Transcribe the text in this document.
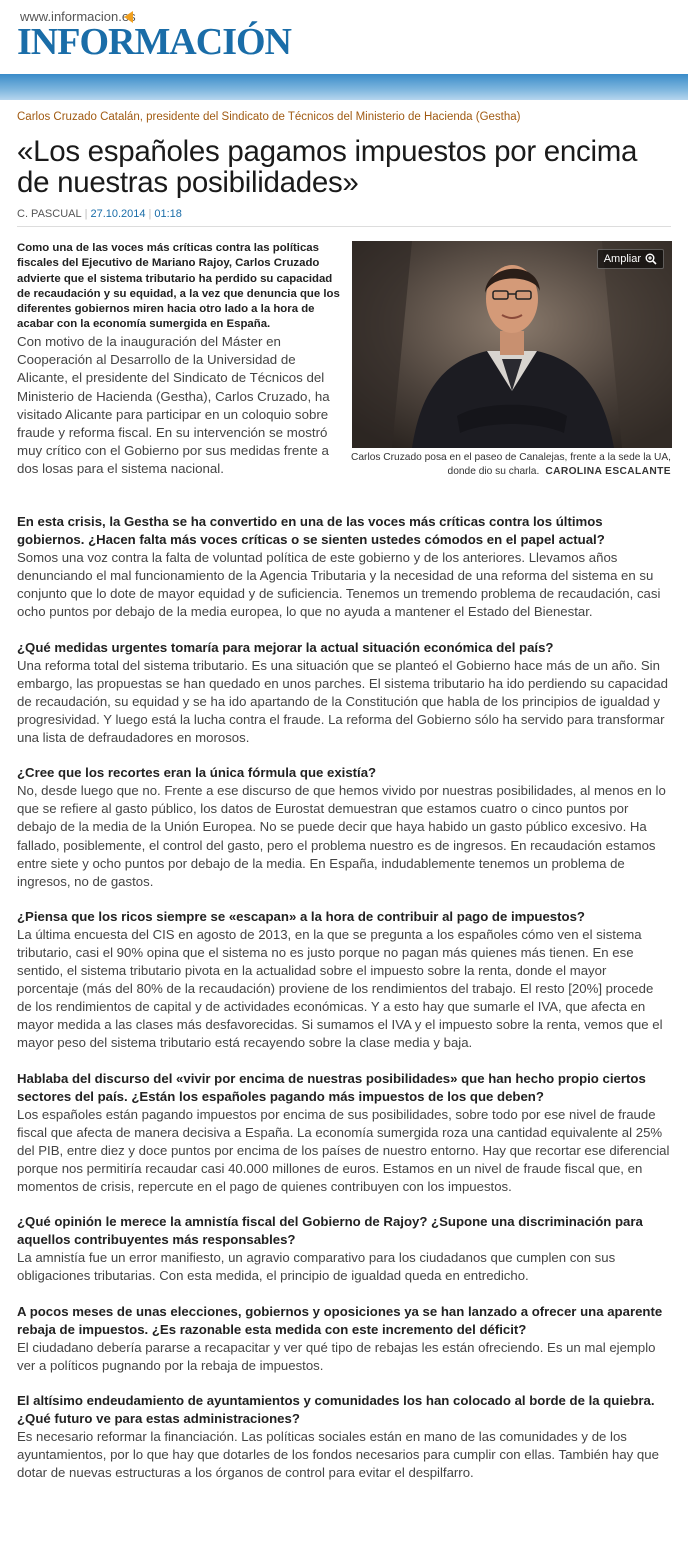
www.informacion.es
INFORMACIÓN
Carlos Cruzado Catalán, presidente del Sindicato de Técnicos del Ministerio de Hacienda (Gestha)
«Los españoles pagamos impuestos por encima de nuestras posibilidades»
C. PASCUAL | 27.10.2014 | 01:18

Como una de las voces más críticas contra las políticas fiscales del Ejecutivo de Mariano Rajoy, Carlos Cruzado advierte que el sistema tributario ha perdido su capacidad de recaudación y su equidad, a la vez que denuncia que los diferentes gobiernos miren hacia otro lado a la hora de acabar con la economía sumergida en España.

Con motivo de la inauguración del Máster en Cooperación al Desarrollo de la Universidad de Alicante, el presidente del Sindicato de Técnicos del Ministerio de Hacienda (Gestha), Carlos Cruzado, ha visitado Alicante para participar en un coloquio sobre fraude y reforma fiscal. En su intervención se mostró muy crítico con el Gobierno por sus medidas frente a dos losas para el sistema nacional.

Ampliar

Carlos Cruzado posa en el paseo de Canalejas, frente a la sede la UA, donde dio su charla. CAROLINA ESCALANTE

En esta crisis, la Gestha se ha convertido en una de las voces más críticas contra los últimos gobiernos. ¿Hacen falta más voces críticas o se sienten ustedes cómodos en el papel actual?

Somos una voz contra la falta de voluntad política de este gobierno y de los anteriores. Llevamos años denunciando el mal funcionamiento de la Agencia Tributaria y la necesidad de una reforma del sistema en su conjunto que lo dote de mayor equidad y de suficiencia. Tenemos un tremendo problema de recaudación, casi ocho puntos por debajo de la media europea, lo que no ayuda a mantener el Estado del Bienestar.

¿Qué medidas urgentes tomaría para mejorar la actual situación económica del país?

Una reforma total del sistema tributario. Es una situación que se planteó el Gobierno hace más de un año. Sin embargo, las propuestas se han quedado en unos parches. El sistema tributario ha ido perdiendo su capacidad de recaudación, su equidad y se ha ido apartando de la Constitución que habla de los principios de igualdad y progresividad. Y luego está la lucha contra el fraude. La reforma del Gobierno sólo ha servido para transformar una lista de defraudadores en morosos.

¿Cree que los recortes eran la única fórmula que existía?

No, desde luego que no. Frente a ese discurso de que hemos vivido por nuestras posibilidades, al menos en lo que se refiere al gasto público, los datos de Eurostat demuestran que estamos cuatro o cinco puntos por debajo de la media de la Unión Europea. No se puede decir que haya habido un gasto público excesivo. Ha fallado, posiblemente, el control del gasto, pero el problema nuestro es de ingresos. En recaudación estamos entre siete y ocho puntos por debajo de la media. En España, indudablemente tenemos un problema de ingresos, no de gastos.

¿Piensa que los ricos siempre se «escapan» a la hora de contribuir al pago de impuestos?

La última encuesta del CIS en agosto de 2013, en la que se pregunta a los españoles cómo ven el sistema tributario, casi el 90% opina que el sistema no es justo porque no pagan más quienes más tienen. En ese sentido, el sistema tributario pivota en la actualidad sobre el impuesto sobre la renta, donde el mayor porcentaje (más del 80% de la recaudación) proviene de los rendimientos del trabajo. El resto [20%] procede de los rendimientos de capital y de actividades económicas. Y a esto hay que sumarle el IVA, que afecta en mayor medida a las clases más desfavorecidas. Si sumamos el IVA y el impuesto sobre la renta, vemos que el mayor peso del sistema tributario está recayendo sobre la clase media y baja.

Hablaba del discurso del «vivir por encima de nuestras posibilidades» que han hecho propio ciertos sectores del país. ¿Están los españoles pagando más impuestos de los que deben?

Los españoles están pagando impuestos por encima de sus posibilidades, sobre todo por ese nivel de fraude fiscal que afecta de manera decisiva a España. La economía sumergida roza una cantidad equivalente al 25% del PIB, entre diez y doce puntos por encima de los países de nuestro entorno. Hay que recortar ese diferencial porque nos permitiría recaudar casi 40.000 millones de euros. Estamos en un nivel de fraude fiscal que, en momentos de crisis, repercute en el pago de quienes contribuyen con los impuestos.

¿Qué opinión le merece la amnistía fiscal del Gobierno de Rajoy? ¿Supone una discriminación para aquellos contribuyentes más responsables?

La amnistía fue un error manifiesto, un agravio comparativo para los ciudadanos que cumplen con sus obligaciones tributarias. Con esta medida, el principio de igualdad queda en entredicho.

A pocos meses de unas elecciones, gobiernos y oposiciones ya se han lanzado a ofrecer una aparente rebaja de impuestos. ¿Es razonable esta medida con este incremento del déficit?

El ciudadano debería pararse a recapacitar y ver qué tipo de rebajas les están ofreciendo. Es un mal ejemplo ver a políticos pugnando por la rebaja de impuestos.

El altísimo endeudamiento de ayuntamientos y comunidades los han colocado al borde de la quiebra. ¿Qué futuro ve para estas administraciones?

Es necesario reformar la financiación. Las políticas sociales están en mano de las comunidades y de los ayuntamientos, por lo que hay que dotarles de los fondos necesarios para cumplir con ellas. También hay que dotar de nuevas estructuras a los órganos de control para evitar el despilfarro.
